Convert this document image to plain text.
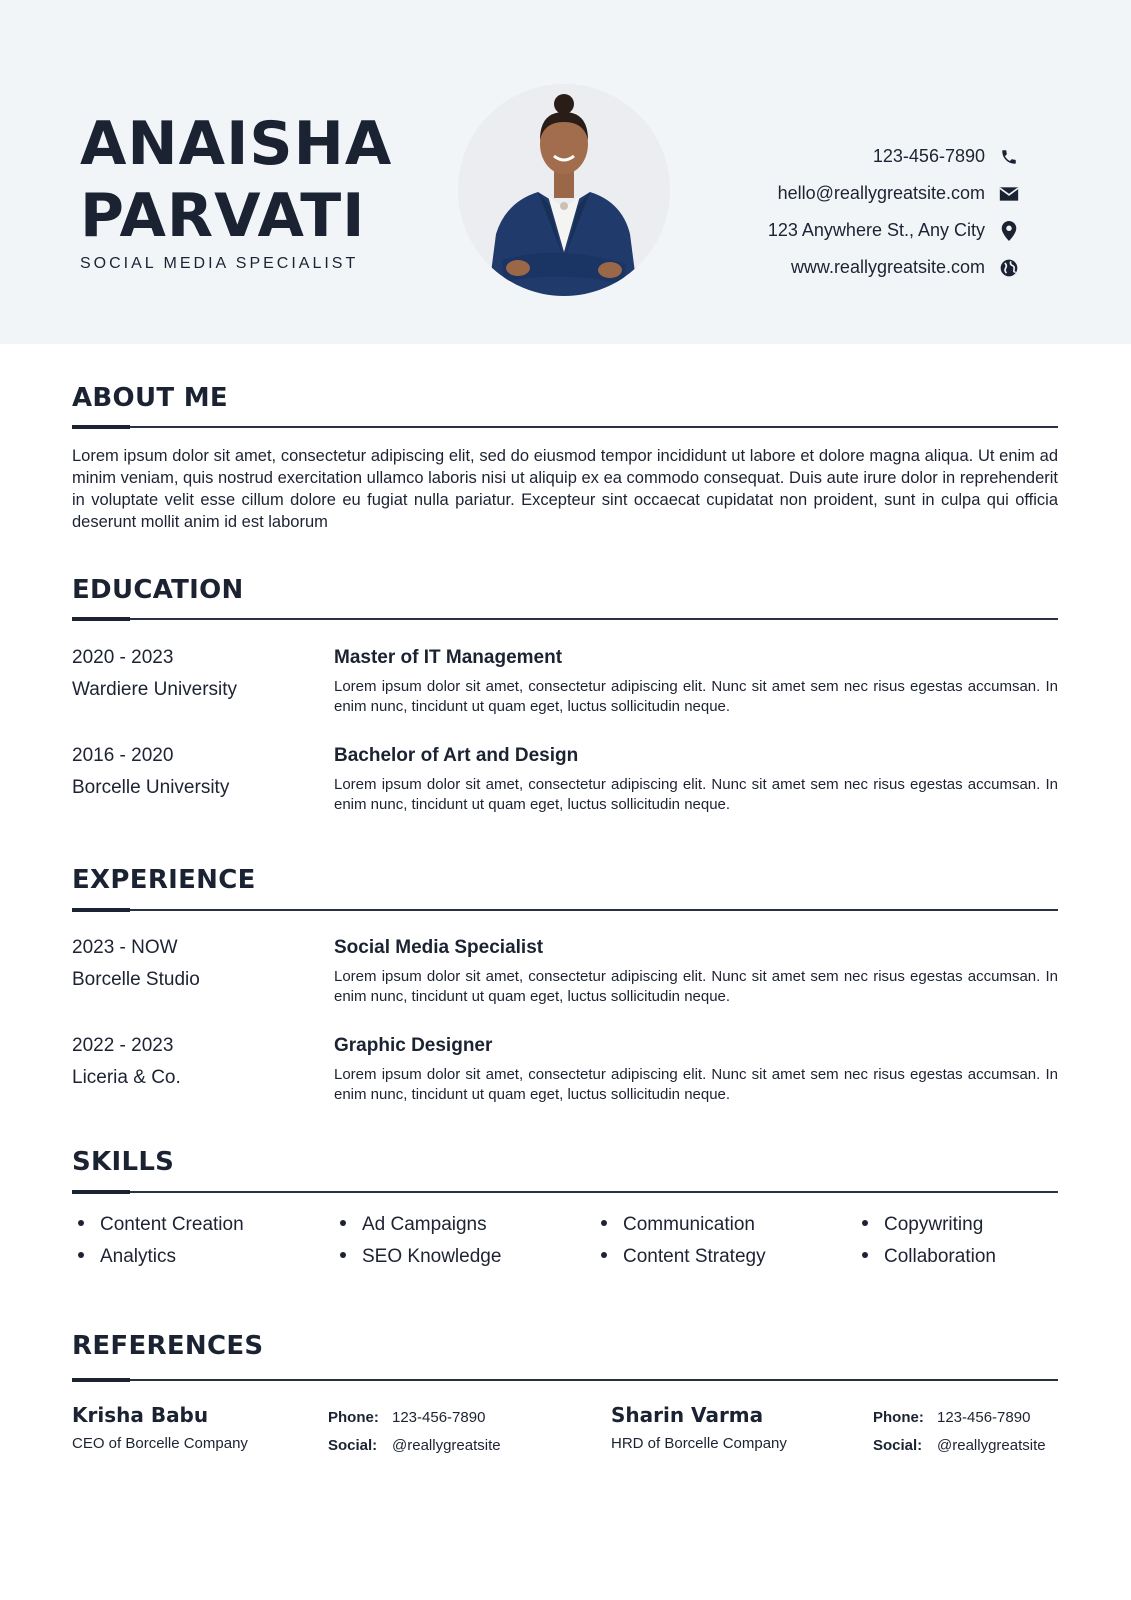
ANAISHA
PARVATI
SOCIAL MEDIA SPECIALIST
123-456-7890
hello@reallygreatsite.com
123 Anywhere St., Any City
www.reallygreatsite.com
ABOUT ME
Lorem ipsum dolor sit amet, consectetur adipiscing elit, sed do eiusmod tempor incididunt ut labore et dolore magna aliqua. Ut enim ad minim veniam, quis nostrud exercitation ullamco laboris nisi ut aliquip ex ea commodo consequat. Duis aute irure dolor in reprehenderit in voluptate velit esse cillum dolore eu fugiat nulla pariatur. Excepteur sint occaecat cupidatat non proident, sunt in culpa qui officia deserunt mollit anim id est laborum
EDUCATION
2020 - 2023
Wardiere University
Master of IT Management
Lorem ipsum dolor sit amet, consectetur adipiscing elit. Nunc sit amet sem nec risus egestas accumsan. In enim nunc, tincidunt ut quam eget, luctus sollicitudin neque.
2016 - 2020
Borcelle University
Bachelor of Art and Design
Lorem ipsum dolor sit amet, consectetur adipiscing elit. Nunc sit amet sem nec risus egestas accumsan. In enim nunc, tincidunt ut quam eget, luctus sollicitudin neque.
EXPERIENCE
2023 - NOW
Borcelle Studio
Social Media Specialist
Lorem ipsum dolor sit amet, consectetur adipiscing elit. Nunc sit amet sem nec risus egestas accumsan. In enim nunc, tincidunt ut quam eget, luctus sollicitudin neque.
2022 - 2023
Liceria & Co.
Graphic Designer
Lorem ipsum dolor sit amet, consectetur adipiscing elit. Nunc sit amet sem nec risus egestas accumsan. In enim nunc, tincidunt ut quam eget, luctus sollicitudin neque.
SKILLS
Content Creation
Analytics
Ad Campaigns
SEO Knowledge
Communication
Content Strategy
Copywriting
Collaboration
REFERENCES
Krisha Babu
CEO of Borcelle Company
Phone: 123-456-7890
Social: @reallygreatsite
Sharin Varma
HRD of Borcelle Company
Phone: 123-456-7890
Social: @reallygreatsite
